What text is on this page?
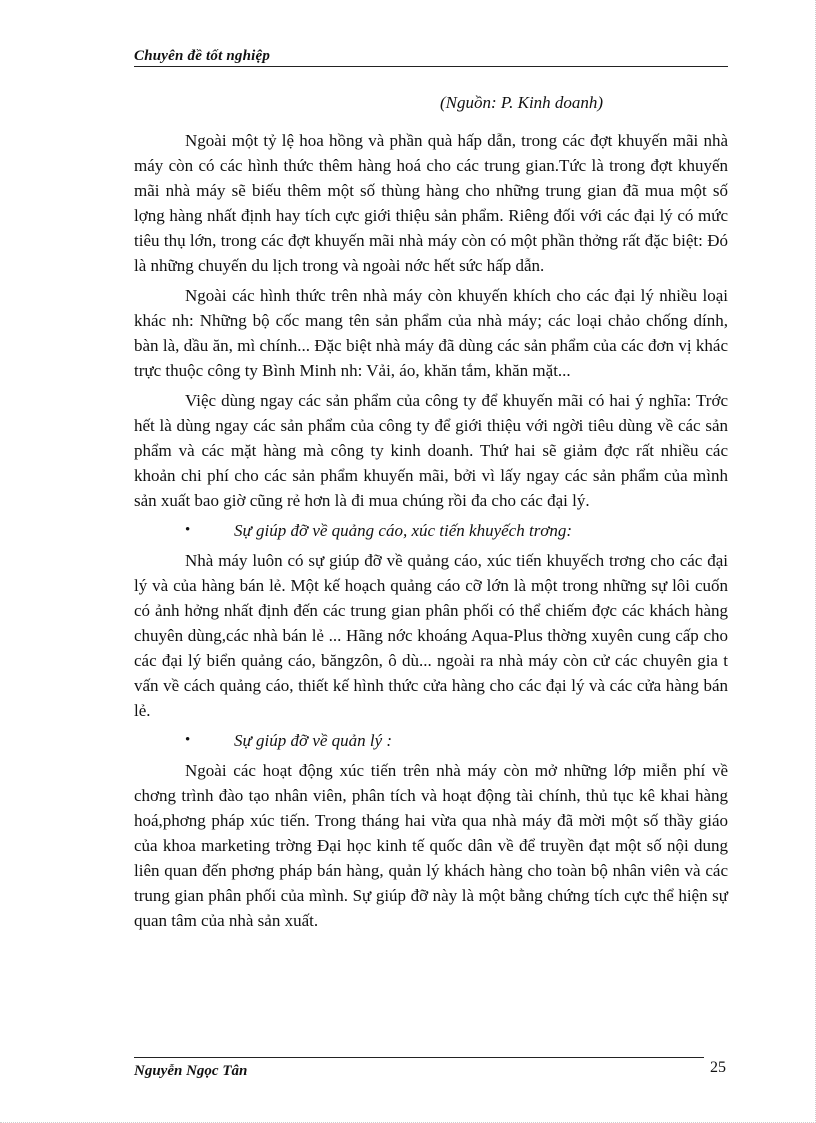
Chuyên đề tốt nghiệp
(Nguồn: P. Kinh doanh)

Ngoài một tỷ lệ hoa hồng và phần quà hấp dẫn, trong các đợt khuyến mãi nhà máy còn có các hình thức thêm hàng hoá cho các trung gian.Tức là trong đợt khuyến mãi nhà máy sẽ biếu thêm một số thùng hàng cho những trung gian đã mua một số lợng hàng nhất định hay tích cực giới thiệu sản phẩm. Riêng đối với các đại lý có mức tiêu thụ lớn, trong các đợt khuyến mãi nhà máy còn có một phần thởng rất đặc biệt: Đó là những chuyến du lịch trong và ngoài nớc hết sức hấp dẫn.

Ngoài các hình thức trên nhà máy còn khuyến khích cho các đại lý nhiều loại khác nh: Những bộ cốc mang tên sản phẩm của nhà máy; các loại chảo chống dính, bàn là, dầu ăn, mì chính... Đặc biệt nhà máy đã dùng các sản phẩm của các đơn vị khác trực thuộc công ty Bình Minh nh: Vải, áo, khăn tắm, khăn mặt...

Việc dùng ngay các sản phẩm của công ty để khuyến mãi có hai ý nghĩa: Trớc hết là dùng ngay các sản phẩm của công ty để giới thiệu với ngời tiêu dùng về các sản phẩm và các mặt hàng mà công ty kinh doanh. Thứ hai sẽ giảm đợc rất nhiều các khoản chi phí cho các sản phẩm khuyến mãi, bởi vì lấy ngay các sản phẩm của mình sản xuất bao giờ cũng rẻ hơn là đi mua chúng rồi đa cho các đại lý.

•	Sự giúp đỡ về quảng cáo, xúc tiến khuyếch trơng:

Nhà máy luôn có sự giúp đỡ về quảng cáo, xúc tiến khuyếch trơng cho các đại lý và của hàng bán lẻ. Một kế hoạch quảng cáo cỡ lớn là một trong những sự lôi cuốn có ảnh hởng nhất định đến các trung gian phân phối có thể chiếm đợc các khách hàng chuyên dùng,các nhà bán lẻ ... Hãng nớc khoáng Aqua-Plus thờng xuyên cung cấp cho các đại lý biển quảng cáo, băngzôn, ô dù... ngoài ra nhà máy còn cử các chuyên gia t vấn về cách quảng cáo, thiết kế hình thức cửa hàng cho các đại lý và các cửa hàng bán lẻ.

•	Sự giúp đỡ về quản lý :

Ngoài các hoạt động xúc tiến trên nhà máy còn mở những lớp miễn phí về chơng trình đào tạo nhân viên, phân tích và hoạt động tài chính, thủ tục kê khai hàng hoá,phơng pháp xúc tiến. Trong tháng hai vừa qua nhà máy đã mời một số thầy giáo của khoa marketing trờng Đại học kinh tế quốc dân về để truyền đạt một số nội dung liên quan đến phơng pháp bán hàng, quản lý khách hàng cho toàn bộ nhân viên và các trung gian phân phối của mình. Sự giúp đỡ này là một bằng chứng tích cực thể hiện sự quan tâm của nhà sản xuất.

Nguyễn Ngọc Tân	25
